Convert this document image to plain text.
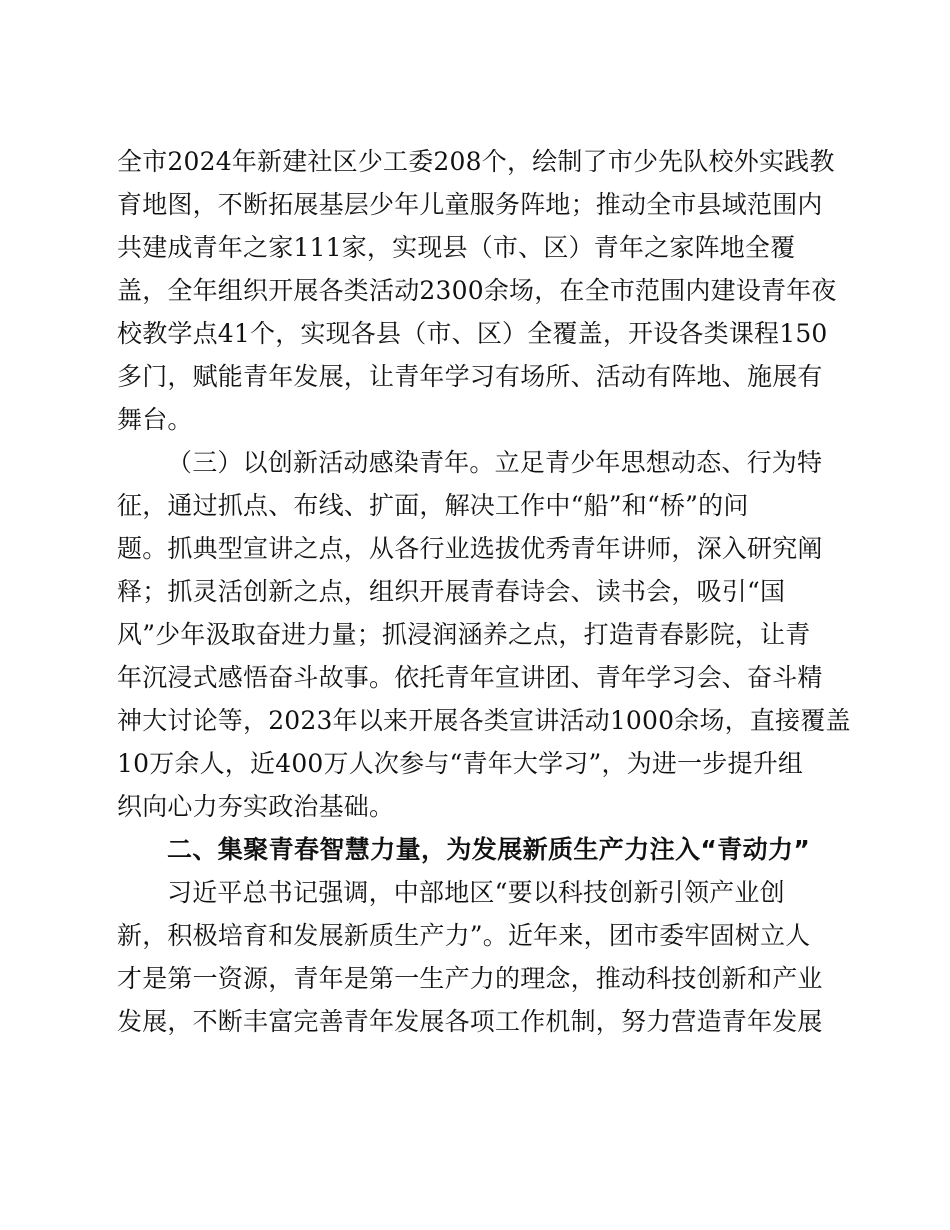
全市2024年新建社区少工委208个，绘制了市少先队校外实践教
育地图，不断拓展基层少年儿童服务阵地；推动全市县域范围内
共建成青年之家111家，实现县（市、区）青年之家阵地全覆
盖，全年组织开展各类活动2300余场，在全市范围内建设青年夜
校教学点41个，实现各县（市、区）全覆盖，开设各类课程150
多门，赋能青年发展，让青年学习有场所、活动有阵地、施展有
舞台。
（三）以创新活动感染青年。立足青少年思想动态、行为特
征，通过抓点、布线、扩面，解决工作中“船”和“桥”的问
题。抓典型宣讲之点，从各行业选拔优秀青年讲师，深入研究阐
释；抓灵活创新之点，组织开展青春诗会、读书会，吸引“国
风”少年汲取奋进力量；抓浸润涵养之点，打造青春影院，让青
年沉浸式感悟奋斗故事。依托青年宣讲团、青年学习会、奋斗精
神大讨论等，2023年以来开展各类宣讲活动1000余场，直接覆盖
10万余人，近400万人次参与“青年大学习”，为进一步提升组
织向心力夯实政治基础。
二、集聚青春智慧力量，为发展新质生产力注入“青动力”
习近平总书记强调，中部地区“要以科技创新引领产业创
新，积极培育和发展新质生产力”。近年来，团市委牢固树立人
才是第一资源，青年是第一生产力的理念，推动科技创新和产业
发展，不断丰富完善青年发展各项工作机制，努力营造青年发展
